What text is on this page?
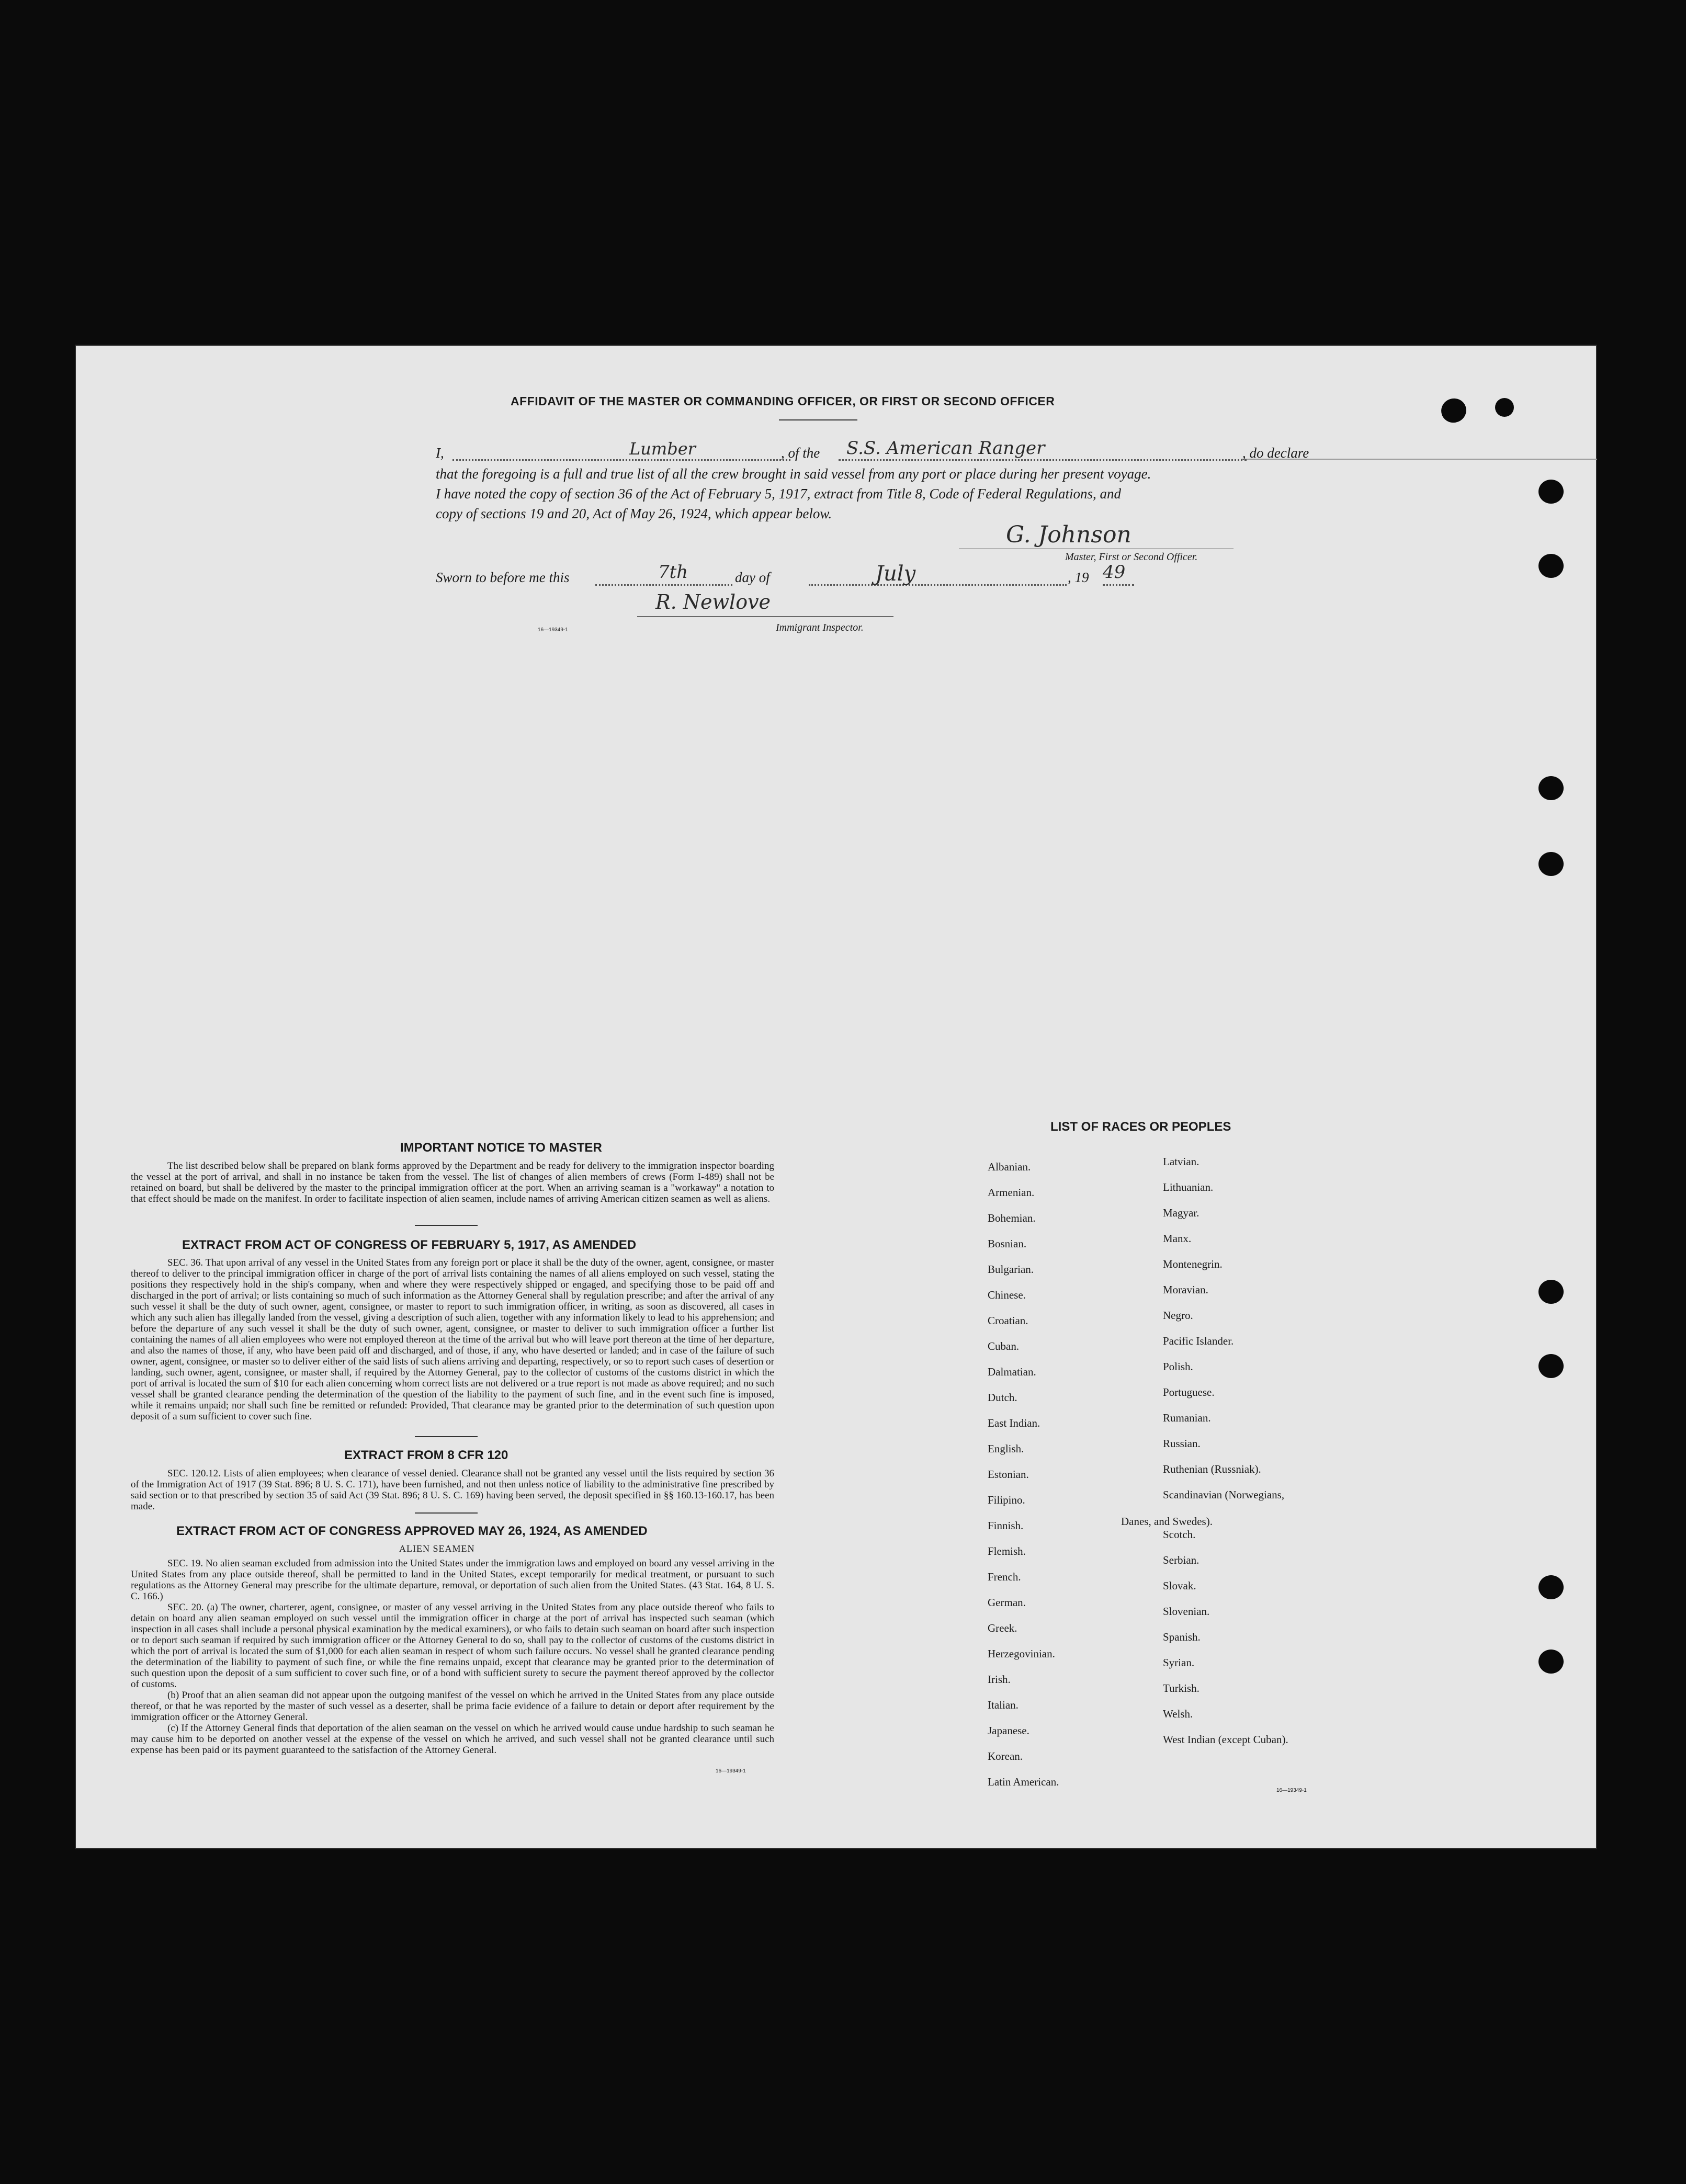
AFFIDAVIT OF THE MASTER OR COMMANDING OFFICER, OR FIRST OR SECOND OFFICER
I,	Lumber	, of the S.S. American Ranger	, do declare
that the foregoing is a full and true list of all the crew brought in said vessel from any port or place during her present voyage.
I have noted the copy of section 36 of the Act of February 5, 1917, extract from Title 8, Code of Federal Regulations, and
copy of sections 19 and 20, Act of May 26, 1924, which appear below.
G. Johnson
Master, First or Second Officer.
Sworn to before me this	7th	day of	July	, 19 49
R. Newlove
16—19349-1	Immigrant Inspector.
IMPORTANT NOTICE TO MASTER
The list described below shall be prepared on blank forms approved by the Department and be ready for delivery to the immigration inspector boarding the vessel at the port of arrival, and shall in no instance be taken from the vessel. The list of changes of alien members of crews (Form I-489) shall not be retained on board, but shall be delivered by the master to the principal immigration officer at the port. When an arriving seaman is a "workaway" a notation to that effect should be made on the manifest. In order to facilitate inspection of alien seamen, include names of arriving American citizen seamen as well as aliens.
EXTRACT FROM ACT OF CONGRESS OF FEBRUARY 5, 1917, AS AMENDED
SEC. 36. That upon arrival of any vessel in the United States from any foreign port or place it shall be the duty of the owner, agent, consignee, or master thereof to deliver to the principal immigration officer in charge of the port of arrival lists containing the names of all aliens employed on such vessel, stating the positions they respectively hold in the ship's company, when and where they were respectively shipped or engaged, and specifying those to be paid off and discharged in the port of arrival; or lists containing so much of such information as the Attorney General shall by regulation prescribe; and after the arrival of any such vessel it shall be the duty of such owner, agent, consignee, or master to report to such immigration officer, in writing, as soon as discovered, all cases in which any such alien has illegally landed from the vessel, giving a description of such alien, together with any information likely to lead to his apprehension; and before the departure of any such vessel it shall be the duty of such owner, agent, consignee, or master to deliver to such immigration officer a further list containing the names of all alien employees who were not employed thereon at the time of the arrival but who will leave port thereon at the time of her departure, and also the names of those, if any, who have been paid off and discharged, and of those, if any, who have deserted or landed; and in case of the failure of such owner, agent, consignee, or master so to deliver either of the said lists of such aliens arriving and departing, respectively, or so to report such cases of desertion or landing, such owner, agent, consignee, or master shall, if required by the Attorney General, pay to the collector of customs of the customs district in which the port of arrival is located the sum of $10 for each alien concerning whom correct lists are not delivered or a true report is not made as above required; and no such vessel shall be granted clearance pending the determination of the question of the liability to the payment of such fine, and in the event such fine is imposed, while it remains unpaid; nor shall such fine be remitted or refunded: Provided, That clearance may be granted prior to the determination of such question upon deposit of a sum sufficient to cover such fine.
EXTRACT FROM 8 CFR 120
SEC. 120.12. Lists of alien employees; when clearance of vessel denied. Clearance shall not be granted any vessel until the lists required by section 36 of the Immigration Act of 1917 (39 Stat. 896; 8 U. S. C. 171), have been furnished, and not then unless notice of liability to the administrative fine prescribed by said section or to that prescribed by section 35 of said Act (39 Stat. 896; 8 U. S. C. 169) having been served, the deposit specified in §§ 160.13-160.17, has been made.
EXTRACT FROM ACT OF CONGRESS APPROVED MAY 26, 1924, AS AMENDED
ALIEN SEAMEN
SEC. 19. No alien seaman excluded from admission into the United States under the immigration laws and employed on board any vessel arriving in the United States from any place outside thereof, shall be permitted to land in the United States, except temporarily for medical treatment, or pursuant to such regulations as the Attorney General may prescribe for the ultimate departure, removal, or deportation of such alien from the United States. (43 Stat. 164, 8 U. S. C. 166.)
SEC. 20. (a) The owner, charterer, agent, consignee, or master of any vessel arriving in the United States from any place outside thereof who fails to detain on board any alien seaman employed on such vessel until the immigration officer in charge at the port of arrival has inspected such seaman (which inspection in all cases shall include a personal physical examination by the medical examiners), or who fails to detain such seaman on board after such inspection or to deport such seaman if required by such immigration officer or the Attorney General to do so, shall pay to the collector of customs of the customs district in which the port of arrival is located the sum of $1,000 for each alien seaman in respect of whom such failure occurs. No vessel shall be granted clearance pending the determination of the liability to payment of such fine, or while the fine remains unpaid, except that clearance may be granted prior to the determination of such question upon the deposit of a sum sufficient to cover such fine, or of a bond with sufficient surety to secure the payment thereof approved by the collector of customs.
(b) Proof that an alien seaman did not appear upon the outgoing manifest of the vessel on which he arrived in the United States from any place outside thereof, or that he was reported by the master of such vessel as a deserter, shall be prima facie evidence of a failure to detain or deport after requirement by the immigration officer or the Attorney General.
(c) If the Attorney General finds that deportation of the alien seaman on the vessel on which he arrived would cause undue hardship to such seaman he may cause him to be deported on another vessel at the expense of the vessel on which he arrived, and such vessel shall not be granted clearance until such expense has been paid or its payment guaranteed to the satisfaction of the Attorney General.
16—19349-1
LIST OF RACES OR PEOPLES
Danes, and Swedes).
16—19349-1
Albanian.
Armenian.
Bohemian.
Bosnian.
Bulgarian.
Chinese.
Croatian.
Cuban.
Dalmatian.
Dutch.
East Indian.
English.
Estonian.
Filipino.
Finnish.
Flemish.
French.
German.
Greek.
Herzegovinian.
Irish.
Italian.
Japanese.
Korean.
Latin American.
Latvian.
Lithuanian.
Magyar.
Manx.
Montenegrin.
Moravian.
Negro.
Pacific Islander.
Polish.
Portuguese.
Rumanian.
Russian.
Ruthenian (Russniak).
Scandinavian (Norwegians,
Scotch.
Serbian.
Slovak.
Slovenian.
Spanish.
Syrian.
Turkish.
Welsh.
West Indian (except Cuban).
